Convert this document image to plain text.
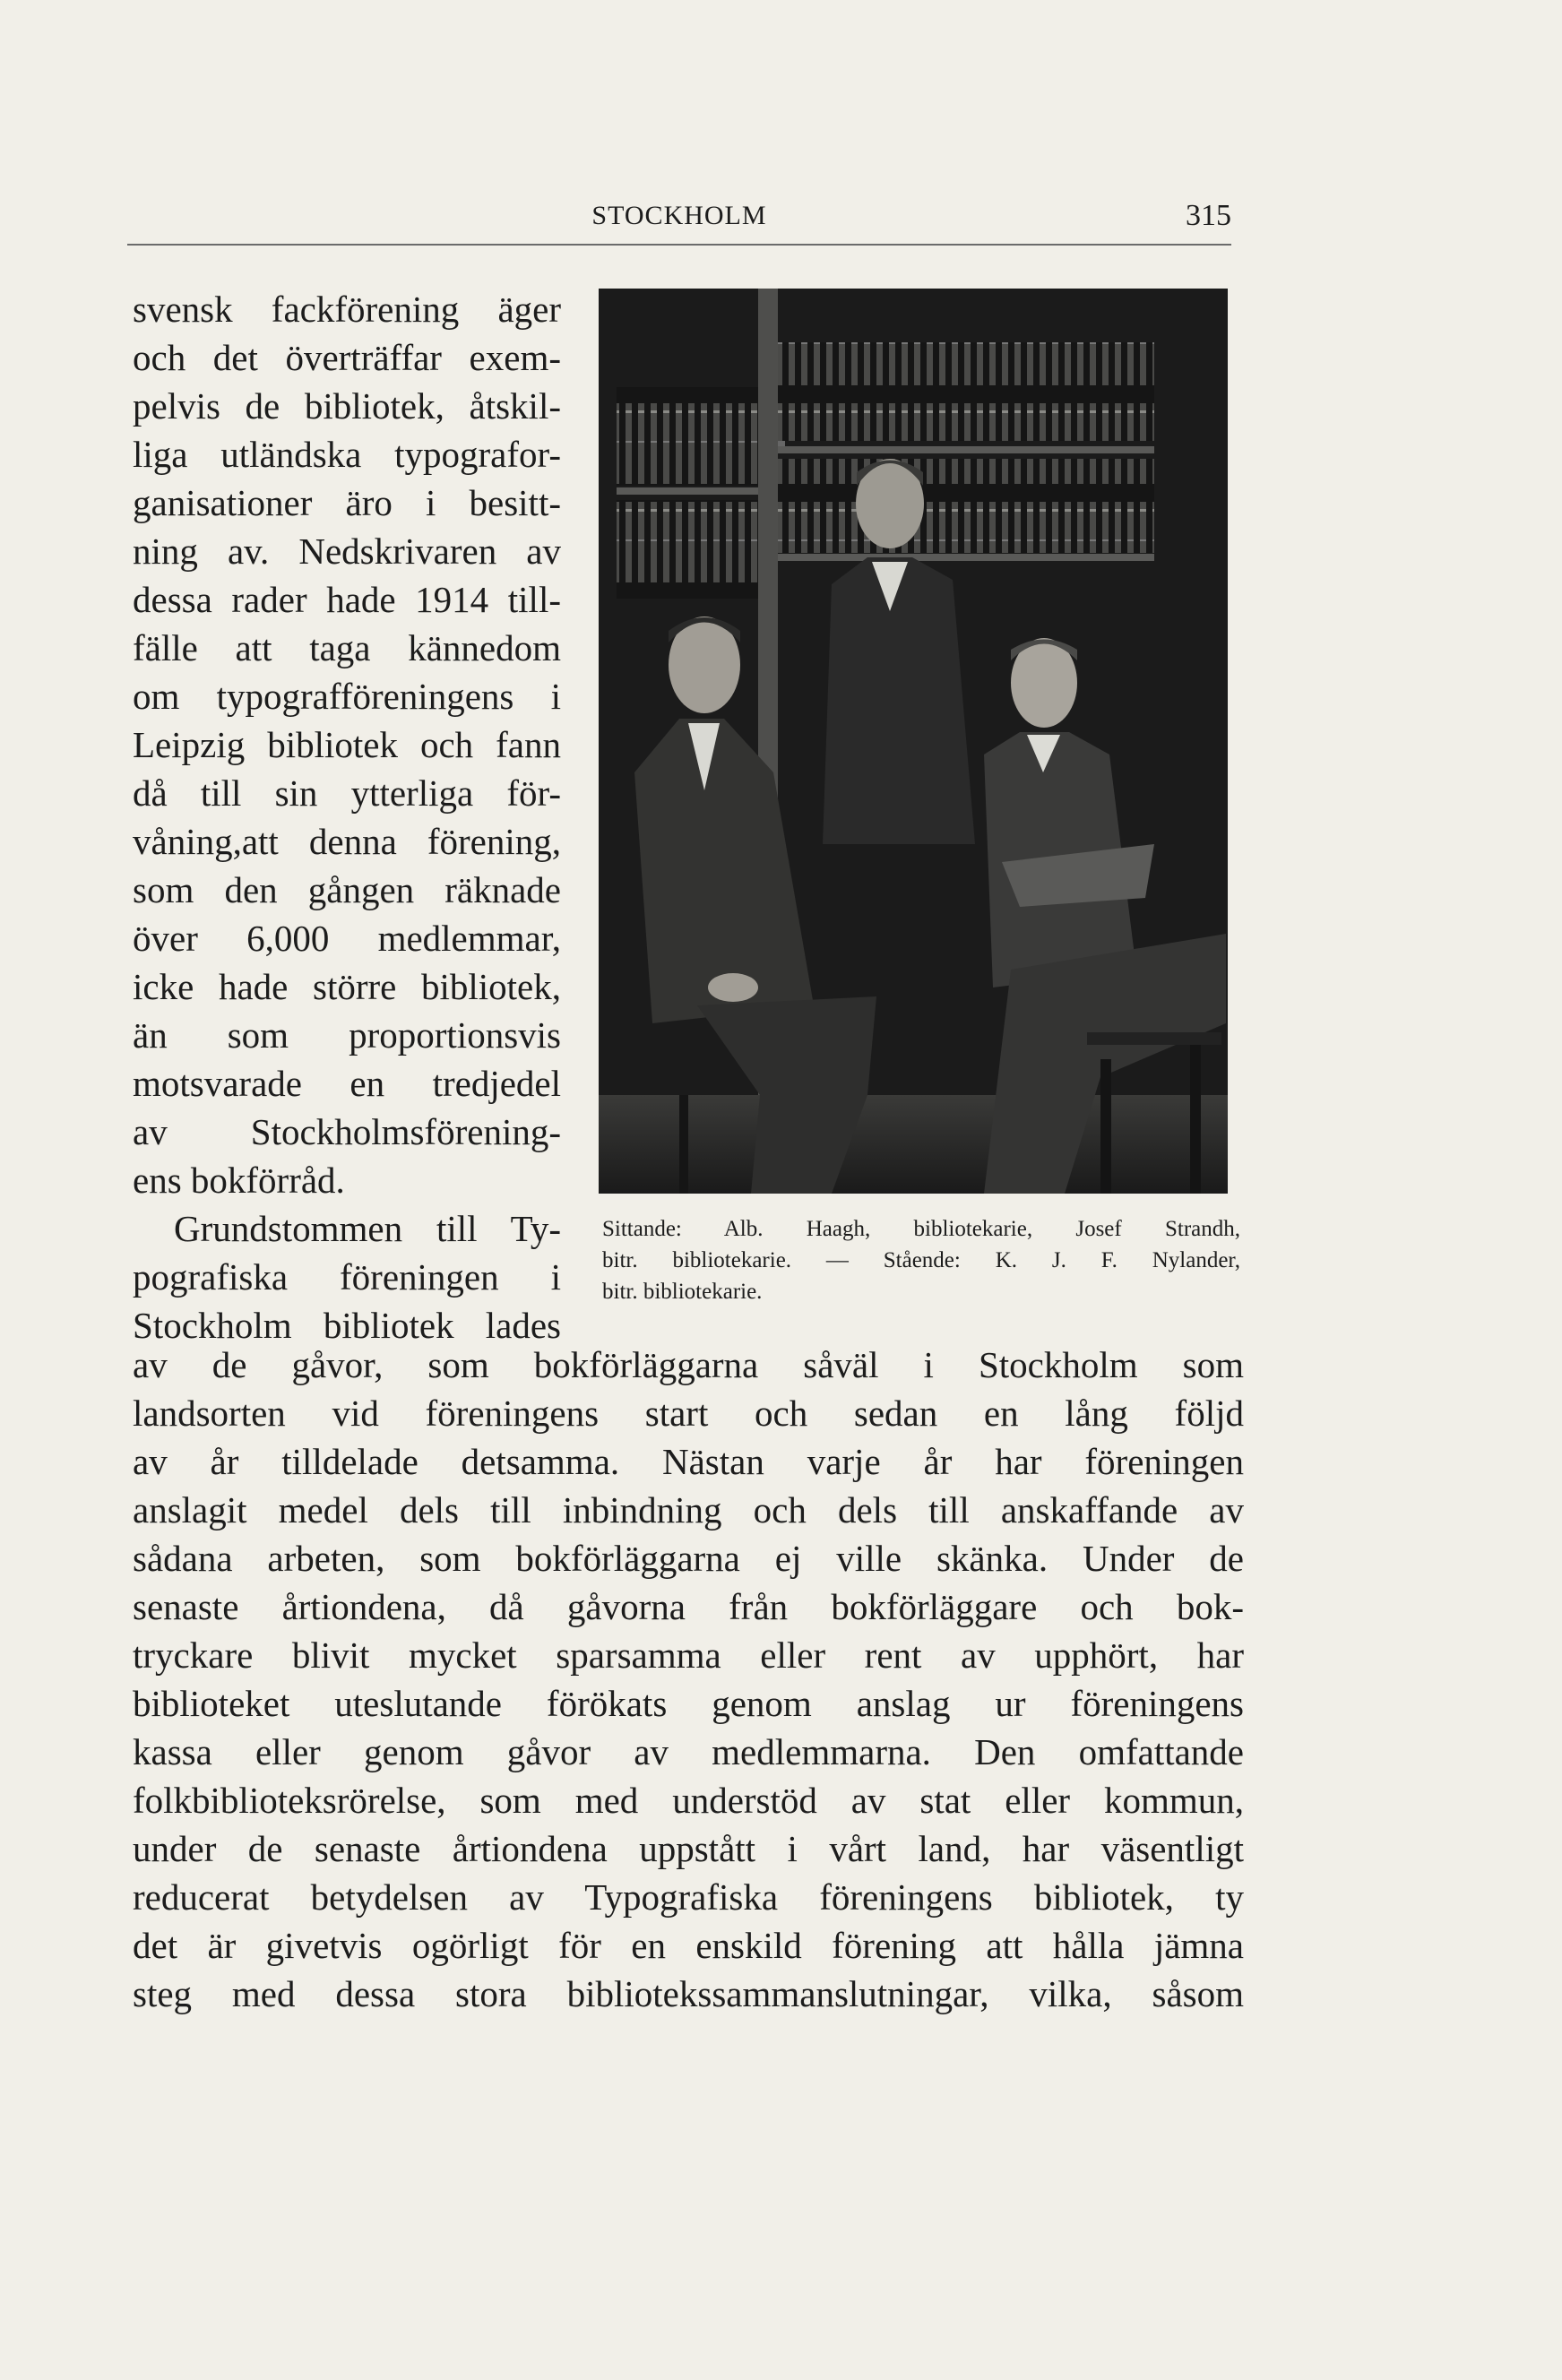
STOCKHOLM	315
svensk fackförening äger
och det överträffar exem-
pelvis de bibliotek, åtskil-
liga utländska typografor-
ganisationer äro i besitt-
ning av. Nedskrivaren av
dessa rader hade 1914 till-
fälle att taga kännedom
om typografföreningens i
Leipzig bibliotek och fann
då till sin ytterliga för-
våning,att denna förening,
som den gången räknade
över 6,000 medlemmar,
icke hade större bibliotek,
än som proportionsvis
motsvarade en tredjedel
av Stockholmsförening-
ens bokförråd.
Grundstommen till Ty-
pografiska föreningen i
Stockholm bibliotek lades
Sittande: Alb. Haagh, bibliotekarie, Josef Strandh,
bitr. bibliotekarie. — Stående: K. J. F. Nylander,
bitr. bibliotekarie.
av de gåvor, som bokförläggarna såväl i Stockholm som
landsorten vid föreningens start och sedan en lång följd
av år tilldelade detsamma. Nästan varje år har föreningen
anslagit medel dels till inbindning och dels till anskaffande av
sådana arbeten, som bokförläggarna ej ville skänka. Under de
senaste årtiondena, då gåvorna från bokförläggare och bok-
tryckare blivit mycket sparsamma eller rent av upphört, har
biblioteket uteslutande förökats genom anslag ur föreningens
kassa eller genom gåvor av medlemmarna. Den omfattande
folkbiblioteksrörelse, som med understöd av stat eller kommun,
under de senaste årtiondena uppstått i vårt land, har väsentligt
reducerat betydelsen av Typografiska föreningens bibliotek, ty
det är givetvis ogörligt för en enskild förening att hålla jämna
steg med dessa stora bibliotekssammanslutningar, vilka, såsom
